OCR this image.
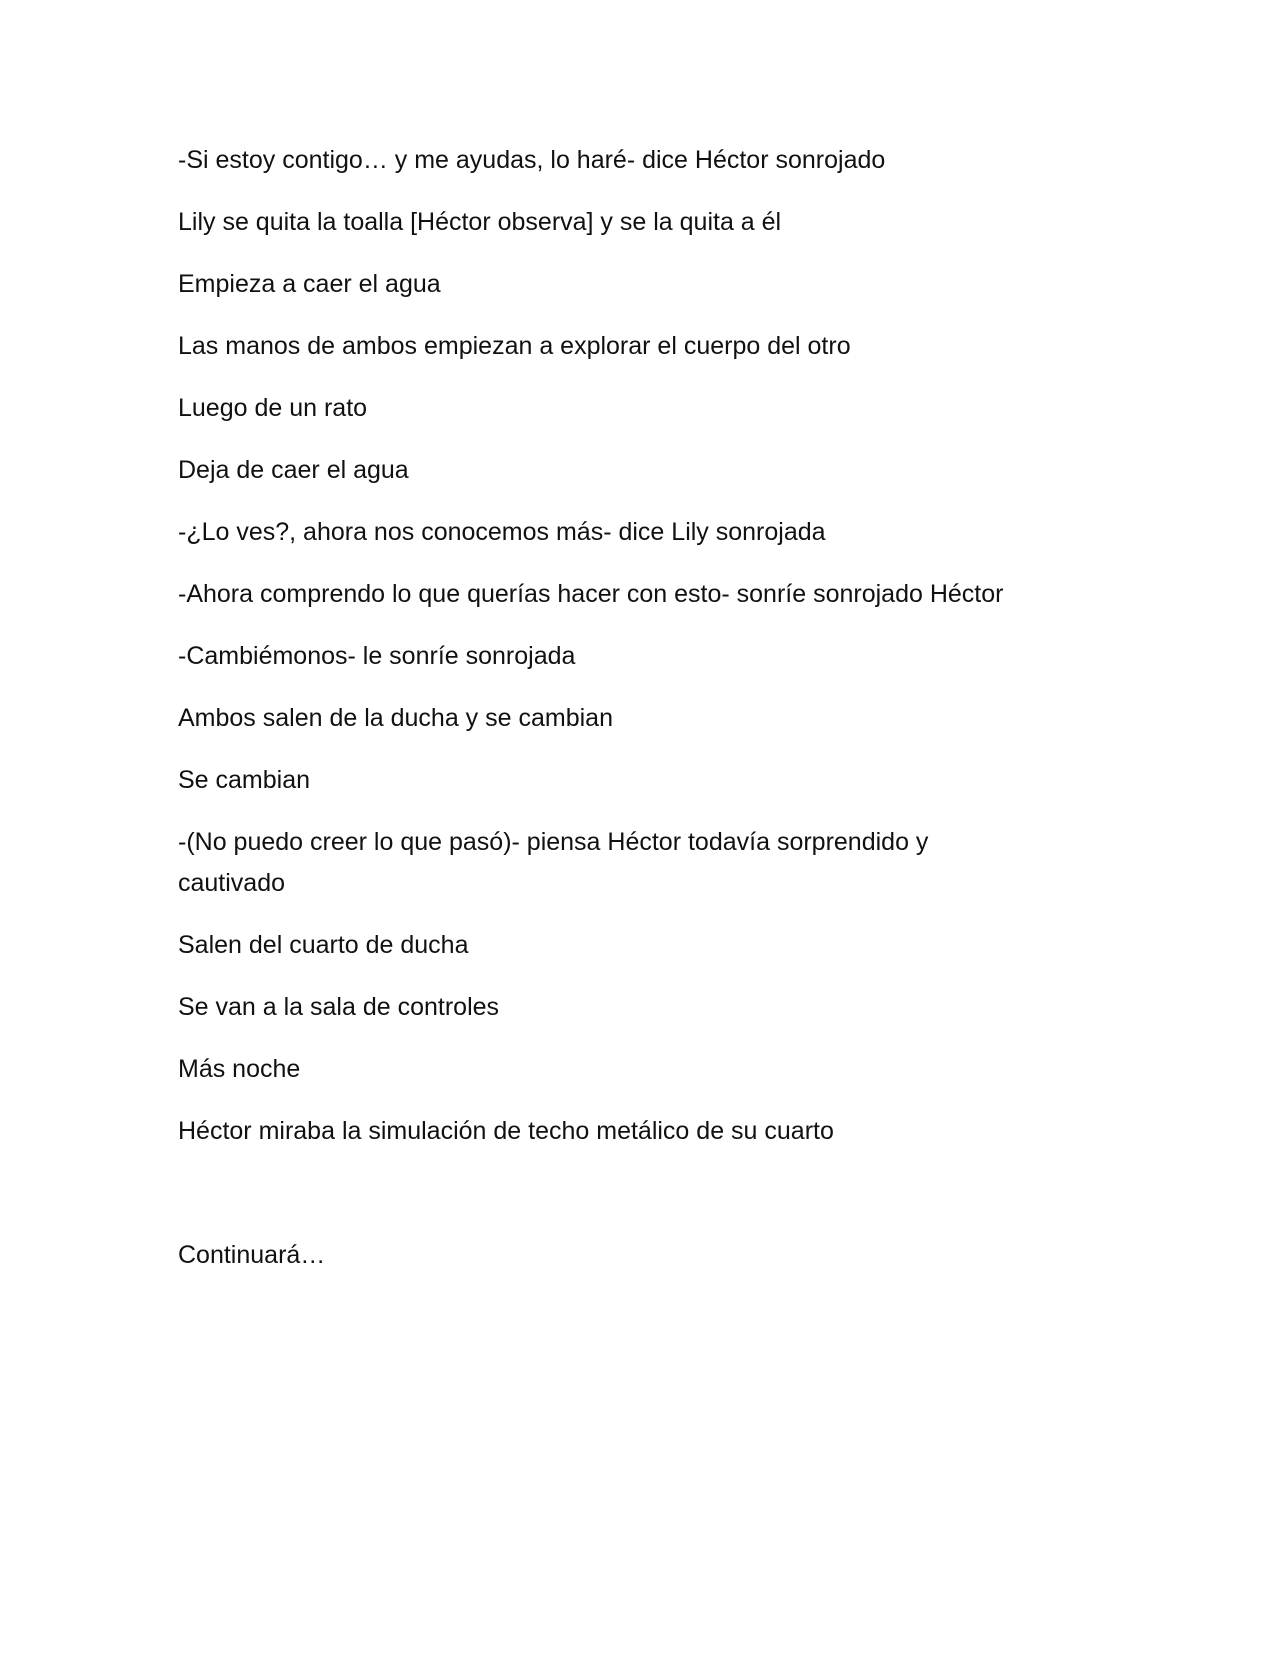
-Si estoy contigo… y me ayudas, lo haré- dice Héctor sonrojado

Lily se quita la toalla [Héctor observa] y se la quita a él

Empieza a caer el agua

Las manos de ambos empiezan a explorar el cuerpo del otro

Luego de un rato

Deja de caer el agua

-¿Lo ves?, ahora nos conocemos más- dice Lily sonrojada

-Ahora comprendo lo que querías hacer con esto- sonríe sonrojado Héctor

-Cambiémonos- le sonríe sonrojada

Ambos salen de la ducha y se cambian

Se cambian

-(No puedo creer lo que pasó)- piensa Héctor todavía sorprendido y cautivado

Salen del cuarto de ducha

Se van a la sala de controles

Más noche

Héctor miraba la simulación de techo metálico de su cuarto

Continuará…
